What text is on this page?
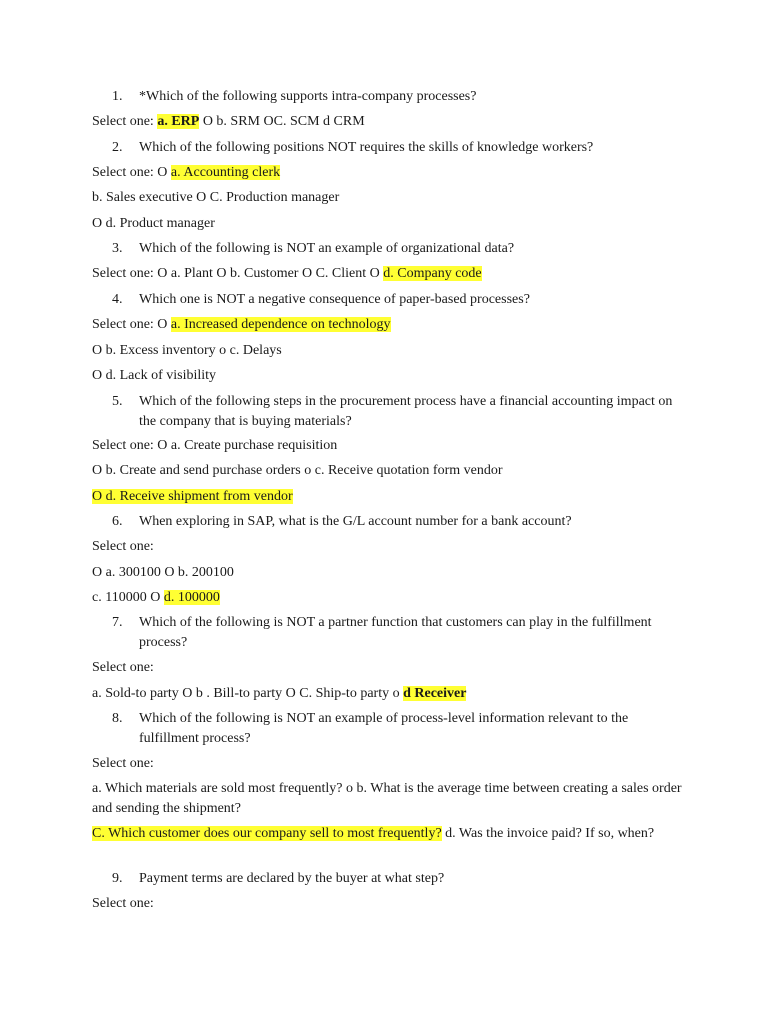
1. *Which of the following supports intra-company processes?
Select one: a. ERP O b. SRM OC. SCM d CRM
2. Which of the following positions NOT requires the skills of knowledge workers?
Select one: O a. Accounting clerk
b. Sales executive O C. Production manager
O d. Product manager
3. Which of the following is NOT an example of organizational data?
Select one: O a. Plant O b. Customer O C. Client O d. Company code
4. Which one is NOT a negative consequence of paper-based processes?
Select one: O a. Increased dependence on technology
O b. Excess inventory o c. Delays
O d. Lack of visibility
5. Which of the following steps in the procurement process have a financial accounting impact on the company that is buying materials?
Select one: O a. Create purchase requisition
O b. Create and send purchase orders o c. Receive quotation form vendor
O d. Receive shipment from vendor
6. When exploring in SAP, what is the G/L account number for a bank account?
Select one:
O a. 300100 O b. 200100
c. 110000 O d. 100000
7. Which of the following is NOT a partner function that customers can play in the fulfillment process?
Select one:
a. Sold-to party O b . Bill-to party O C. Ship-to party o d Receiver
8. Which of the following is NOT an example of process-level information relevant to the fulfillment process?
Select one:
a. Which materials are sold most frequently? o b. What is the average time between creating a sales order and sending the shipment?
C. Which customer does our company sell to most frequently? d. Was the invoice paid? If so, when?
9. Payment terms are declared by the buyer at what step?
Select one:
